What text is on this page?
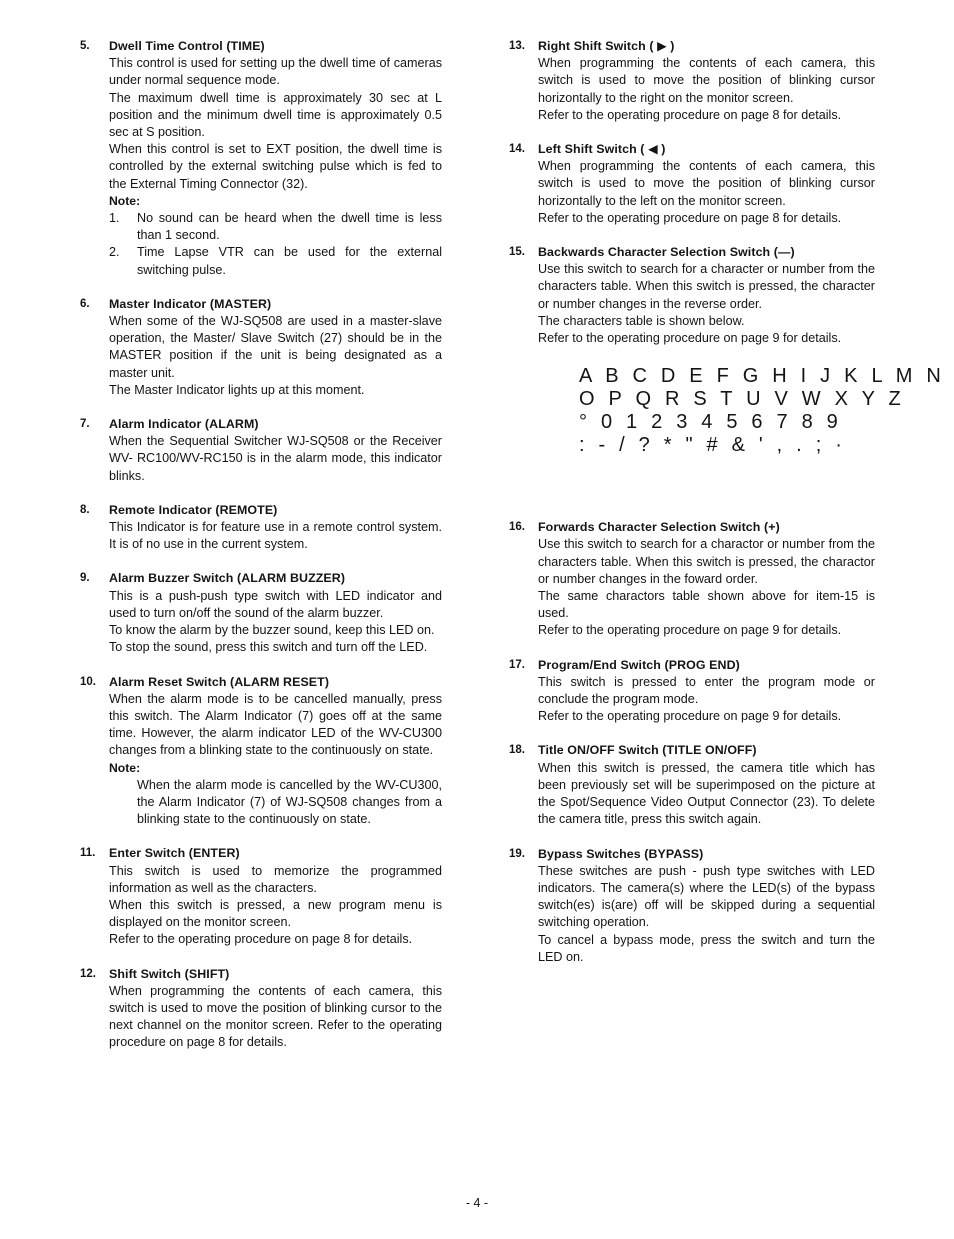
5.	Dwell Time Control (TIME)

This control is used for setting up the dwell time of cameras under normal sequence mode.

The maximum dwell time is approximately 30 sec at L position and the minimum dwell time is approximately 0.5 sec at S position.

When this control is set to EXT position, the dwell time is controlled by the external switching pulse which is fed to the External Timing Connector (32).

Note:
1. No sound can be heard when the dwell time is less than 1 second.
2. Time Lapse VTR can be used for the external switching pulse.
6.	Master Indicator (MASTER)

When some of the WJ-SQ508 are used in a master-slave operation, the Master/ Slave Switch (27) should be in the MASTER position if the unit is being designated as a master unit.

The Master Indicator lights up at this moment.

7.	Alarm Indicator (ALARM)

When the Sequential Switcher WJ-SQ508 or the Receiver WV- RC100/WV-RC150 is in the alarm mode, this indicator blinks.

8.	Remote Indicator (REMOTE)

This Indicator is for feature use in a remote control system. It is of no use in the current system.

9.	Alarm Buzzer Switch (ALARM BUZZER)

This is a push-push type switch with LED indicator and used to turn on/off the sound of the alarm buzzer.

To know the alarm by the buzzer sound, keep this LED on.

To stop the sound, press this switch and turn off the LED.

10.	Alarm Reset Switch (ALARM RESET)

When the alarm mode is to be cancelled manually, press this switch. The Alarm Indicator (7) goes off at the same time. However, the alarm indicator LED of the WV-CU300 changes from a blinking state to the continuously on state.

Note:
When the alarm mode is cancelled by the WV-CU300, the Alarm Indicator (7) of WJ-SQ508 changes from a blinking state to the continuously on state.
11.	Enter Switch (ENTER)

This switch is used to memorize the programmed information as well as the characters.

When this switch is pressed, a new program menu is displayed on the monitor screen.

Refer to the operating procedure on page 8 for details.

12.	Shift Switch (SHIFT)

When programming the contents of each camera, this switch is used to move the position of blinking cursor to the next channel on the monitor screen. Refer to the operating procedure on page 8 for details.

13.	Right Shift Switch ( ▶ )

When programming the contents of each camera, this switch is used to move the position of blinking cursor horizontally to the right on the monitor screen.

Refer to the operating procedure on page 8 for details.

14.	Left Shift Switch ( ◀ )

When programming the contents of each camera, this switch is used to move the position of blinking cursor horizontally to the left on the monitor screen.

Refer to the operating procedure on page 8 for details.

15.	Backwards Character Selection Switch (—)

Use this switch to search for a character or number from the characters table. When this switch is pressed, the character or number changes in the reverse order.

The characters table is shown below.

Refer to the operating procedure on page 9 for details.

A B C D E F G H I J K L M N
O P Q R S T U V W X Y Z
° 0 1 2 3 4 5 6 7 8 9
: - / ? * " # & ' , . ; ·
16.	Forwards Character Selection Switch (+)

Use this switch to search for a charactor or number from the characters table. When this switch is pressed, the charactor or number changes in the foward order.

The same charactors table shown above for item-15 is used.

Refer to the operating procedure on page 9 for details.

17.	Program/End Switch (PROG END)

This switch is pressed to enter the program mode or conclude the program mode.

Refer to the operating procedure on page 9 for details.

18.	Title ON/OFF Switch (TITLE ON/OFF)

When this switch is pressed, the camera title which has been previously set will be superimposed on the picture at the Spot/Sequence Video Output Connector (23). To delete the camera title, press this switch again.

19.	Bypass Switches (BYPASS)

These switches are push - push type switches with LED indicators. The camera(s) where the LED(s) of the bypass switch(es) is(are) off will be skipped during a sequential switching operation.

To cancel a bypass mode, press the switch and turn the LED on.

- 4 -
